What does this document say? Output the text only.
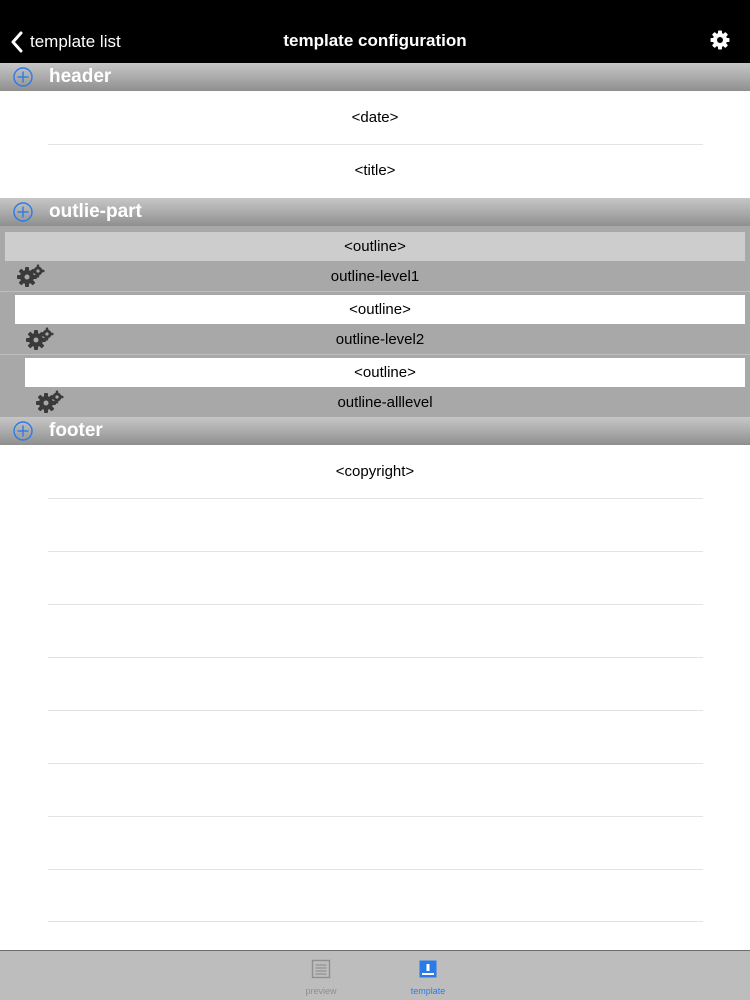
template list	template configuration
header
<date>
<title>
outlie-part
<outline>
outline-level1
<outline>
outline-level2
<outline>
outline-alllevel
footer
<copyright>
preview	template
